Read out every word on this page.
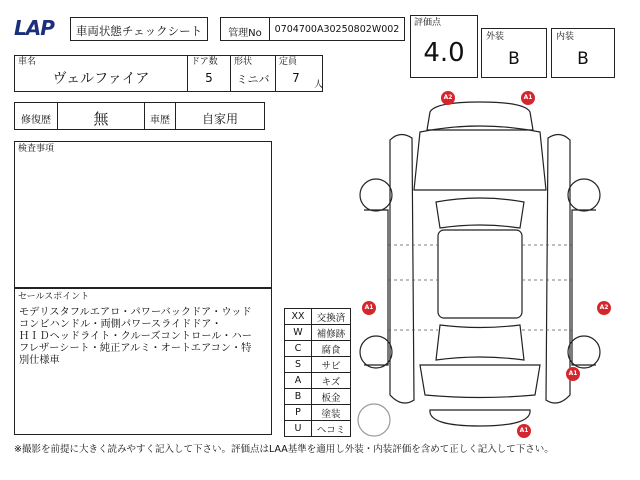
LAP	車両状態チェックシート	管理No	0704700A30250802W002
評価点
4.0
外装
B
内装
B
車名
ヴェルファイア
ドア数
5
形状
ミニバ
定員
7	人
修復歴	無	車歴	自家用
検査事項
セールスポイント
モデリスタフルエアロ・パワーバックドア・ウッド
コンビハンドル・両側パワースライドドア・
ＨＩＤヘッドライト・クルーズコントロール・ハー
フレザーシート・純正アルミ・オートエアコン・特
別仕様車
XX	交換済
W	補修跡
C	腐食
S	サビ
A	キズ
B	板金
P	塗装
U	ヘコミ
A2	A1
A1	A2
A1
A1
※撮影を前提に大きく読みやすく記入して下さい。評価点はLAA基準を適用し外装・内装評価を含めて正しく記入して下さい。
